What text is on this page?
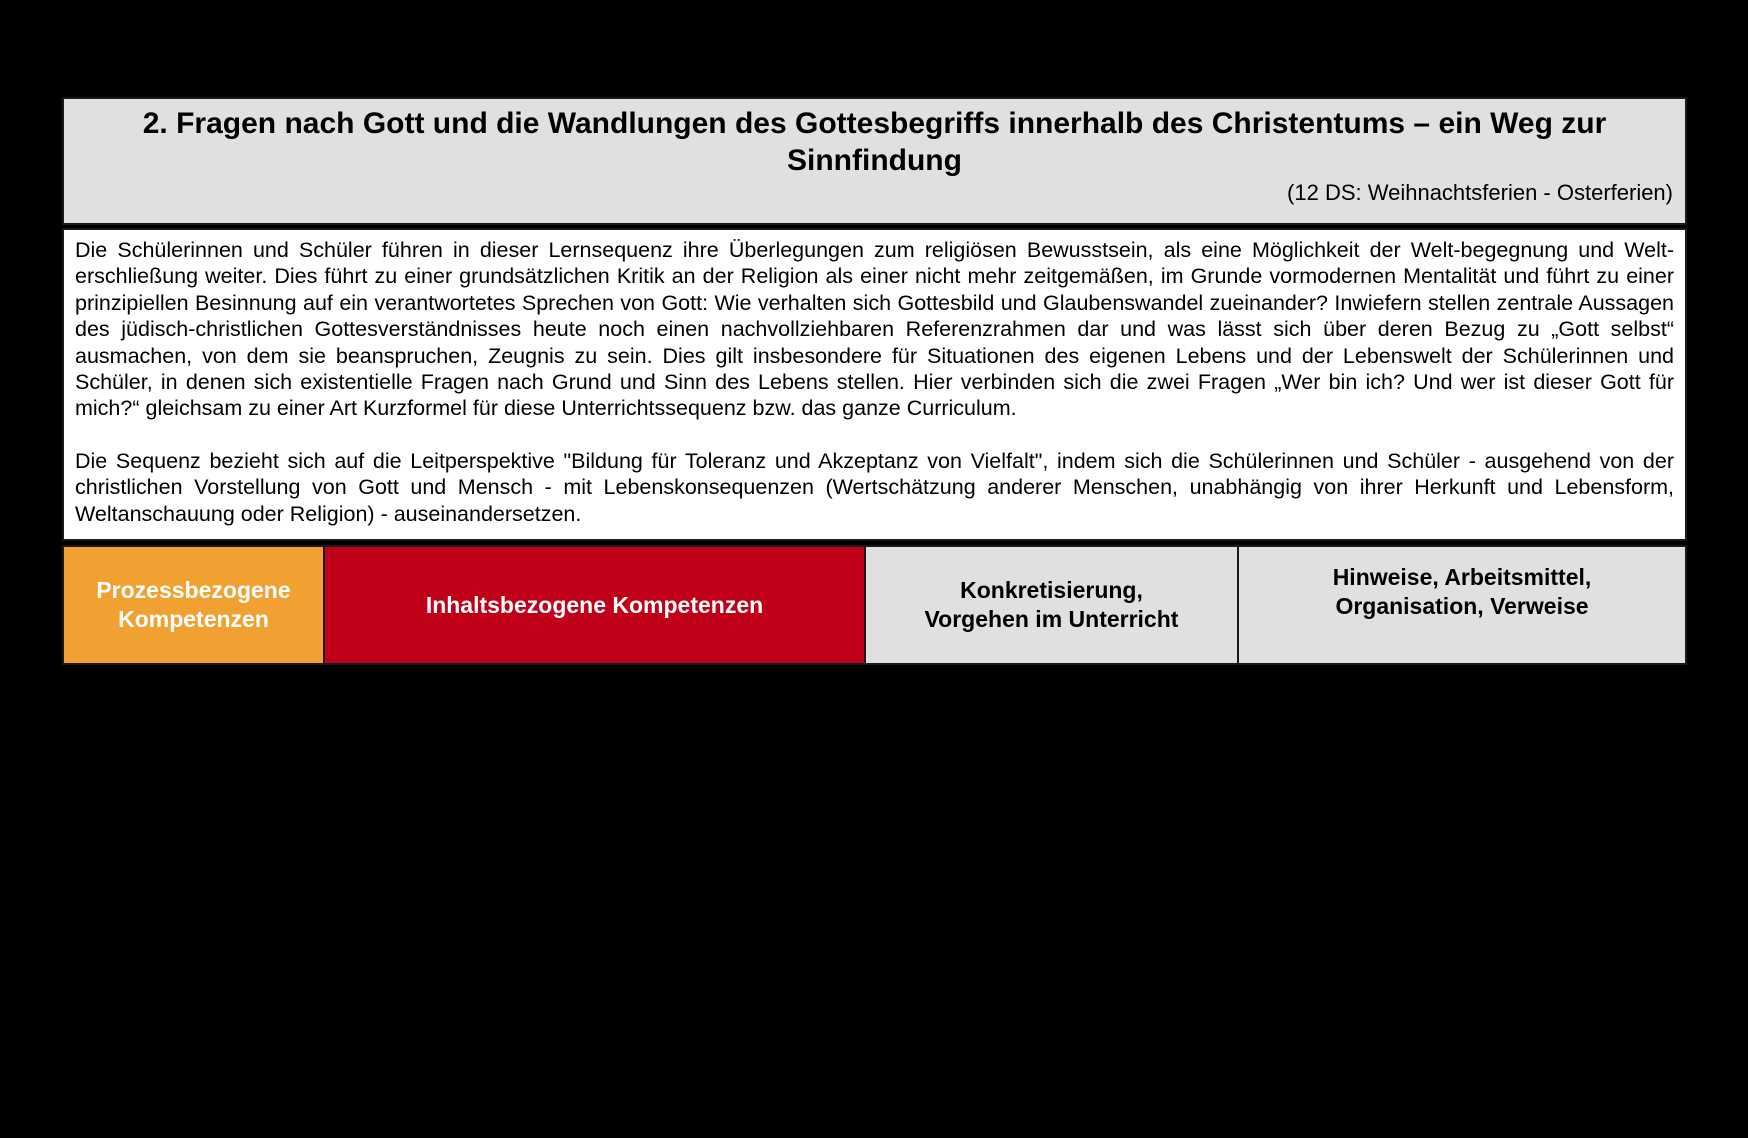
2. Fragen nach Gott und die Wandlungen des Gottesbegriffs innerhalb des Christentums – ein Weg zur Sinnfindung
(12 DS: Weihnachtsferien - Osterferien)

Die Schülerinnen und Schüler führen in dieser Lernsequenz ihre Überlegungen zum religiösen Bewusstsein, als eine Möglichkeit der Welt-begegnung und Welt-erschließung weiter. Dies führt zu einer grundsätzlichen Kritik an der Religion als einer nicht mehr zeitgemäßen, im Grunde vormodernen Mentalität und führt zu einer prinzipiellen Besinnung auf ein verantwortetes Sprechen von Gott: Wie verhalten sich Gottesbild und Glaubenswandel zueinander? Inwiefern stellen zentrale Aussagen des jüdisch-christlichen Gottesverständnisses heute noch einen nachvollziehbaren Referenzrahmen dar und was lässt sich über deren Bezug zu „Gott selbst“ ausmachen, von dem sie beanspruchen, Zeugnis zu sein. Dies gilt insbesondere für Situationen des eigenen Lebens und der Lebenswelt der Schülerinnen und Schüler, in denen sich existentielle Fragen nach Grund und Sinn des Lebens stellen. Hier verbinden sich die zwei Fragen „Wer bin ich? Und wer ist dieser Gott für mich?“ gleichsam zu einer Art Kurzformel für diese Unterrichtssequenz bzw. das ganze Curriculum.

Die Sequenz bezieht sich auf die Leitperspektive "Bildung für Toleranz und Akzeptanz von Vielfalt", indem sich die Schülerinnen und Schüler - ausgehend von der christlichen Vorstellung von Gott und Mensch - mit Lebenskonsequenzen (Wertschätzung anderer Menschen, unabhängig von ihrer Herkunft und Lebensform, Weltanschauung oder Religion) - auseinandersetzen.

Prozessbezogene
Kompetenzen
Inhaltsbezogene Kompetenzen
Konkretisierung,
Vorgehen im Unterricht
Hinweise, Arbeitsmittel,
Organisation, Verweise
